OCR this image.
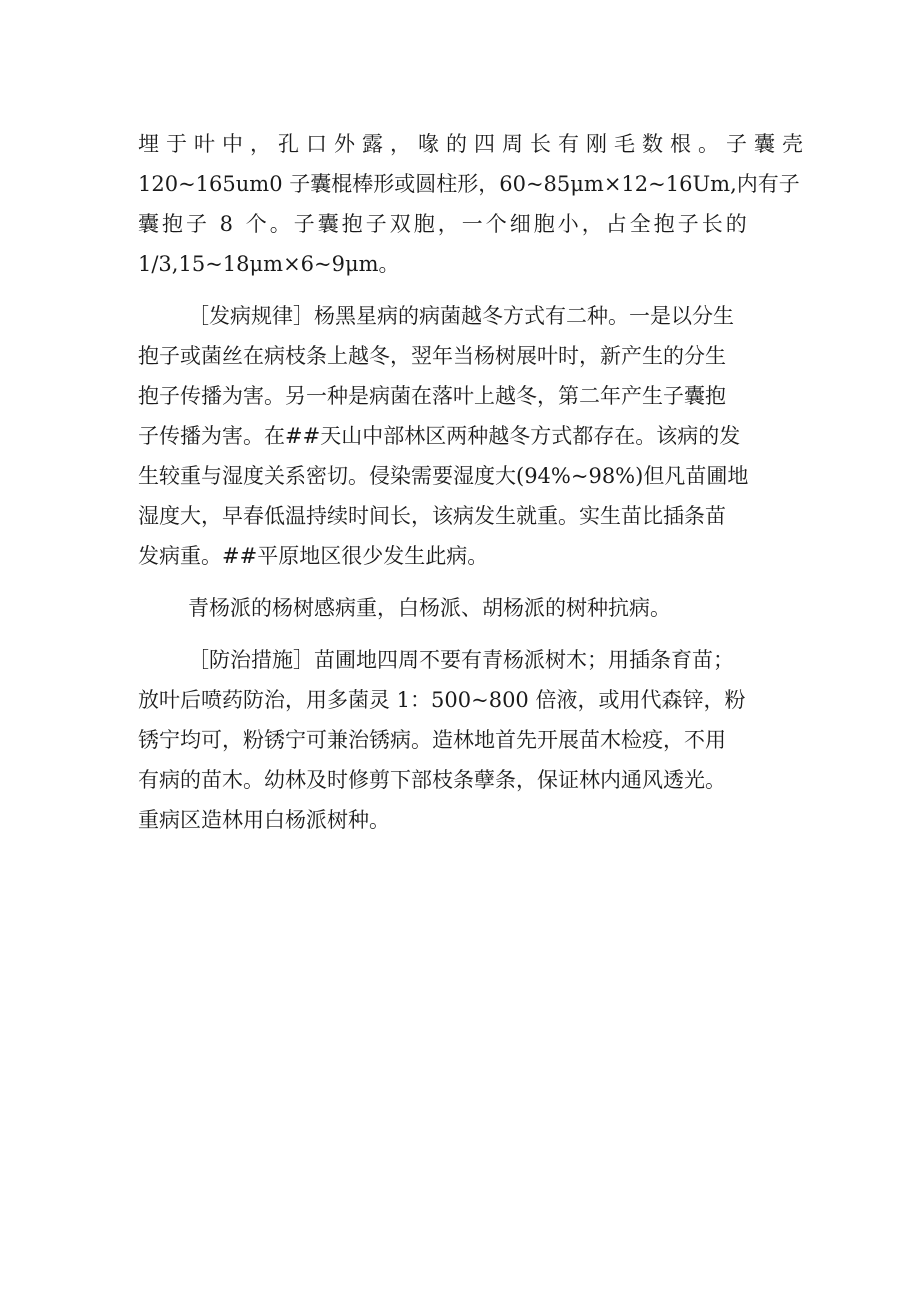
埋于叶中，孔口外露，喙的四周长有刚毛数根。子囊壳
120~165um0 子囊棍棒形或圆柱形，60~85μm×12~16Um,内有子
囊抱子 8 个。子囊抱子双胞，一个细胞小，占全抱子长的
1/3,15~18μm×6~9μm。
［发病规律］杨黑星病的病菌越冬方式有二种。一是以分生
抱子或菌丝在病枝条上越冬，翌年当杨树展叶时，新产生的分生
抱子传播为害。另一种是病菌在落叶上越冬，第二年产生子囊抱
子传播为害。在##天山中部林区两种越冬方式都存在。该病的发
生较重与湿度关系密切。侵染需要湿度大(94%~98%)但凡苗圃地
湿度大，早春低温持续时间长，该病发生就重。实生苗比插条苗
发病重。##平原地区很少发生此病。
青杨派的杨树感病重，白杨派、胡杨派的树种抗病。
［防治措施］苗圃地四周不要有青杨派树木；用插条育苗；
放叶后喷药防治，用多菌灵 1：500~800 倍液，或用代森锌，粉
锈宁均可，粉锈宁可兼治锈病。造林地首先开展苗木检疫，不用
有病的苗木。幼林及时修剪下部枝条孽条，保证林内通风透光。
重病区造林用白杨派树种。
